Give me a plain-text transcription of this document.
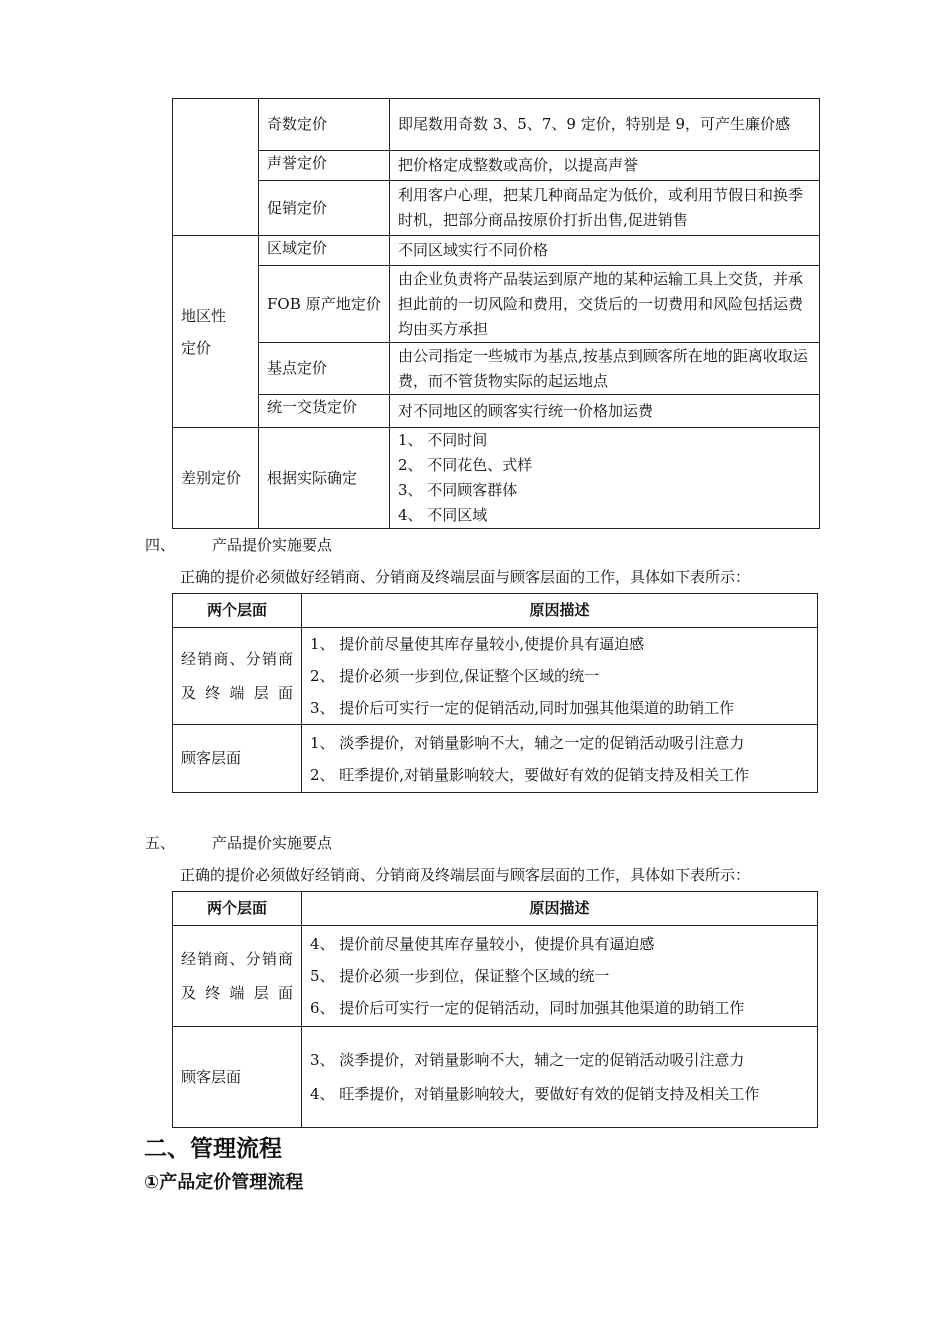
	奇数定价	即尾数用奇数 3、5、7、9 定价，特别是 9，可产生廉价感
	声誉定价	把价格定成整数或高价，以提高声誉
	促销定价	利用客户心理，把某几种商品定为低价，或利用节假日和换季时机，把部分商品按原价打折出售,促进销售

地区性定价	区域定价	不同区域实行不同价格

	FOB 原产地定价	由企业负责将产品装运到原产地的某种运输工具上交货，并承担此前的一切风险和费用，交货后的一切费用和风险包括运费均由买方承担
	基点定价	由公司指定一些城市为基点,按基点到顾客所在地的距离收取运费，而不管货物实际的起运地点
	统一交货定价	对不同地区的顾客实行统一价格加运费
差别定价	根据实际确定	1、 不同时间
2、 不同花色、式样
3、 不同顾客群体
4、 不同区域
四、 产品提价实施要点
正确的提价必须做好经销商、分销商及终端层面与顾客层面的工作，具体如下表所示：
两个层面	原因描述

经销商、分销商及终端层面	1、 提价前尽量使其库存量较小,使提价具有逼迫感
2、 提价必须一步到位,保证整个区域的统一
3、 提价后可实行一定的促销活动,同时加强其他渠道的助销工作

顾客层面	1、 淡季提价，对销量影响不大，辅之一定的促销活动吸引注意力
2、 旺季提价,对销量影响较大，要做好有效的促销支持及相关工作
五、 产品提价实施要点
正确的提价必须做好经销商、分销商及终端层面与顾客层面的工作，具体如下表所示：
两个层面	原因描述

经销商、分销商及终端层面	4、 提价前尽量使其库存量较小，使提价具有逼迫感
5、 提价必须一步到位，保证整个区域的统一
6、 提价后可实行一定的促销活动，同时加强其他渠道的助销工作

顾客层面	3、 淡季提价，对销量影响不大，辅之一定的促销活动吸引注意力
4、 旺季提价，对销量影响较大，要做好有效的促销支持及相关工作
二、管理流程
①产品定价管理流程
